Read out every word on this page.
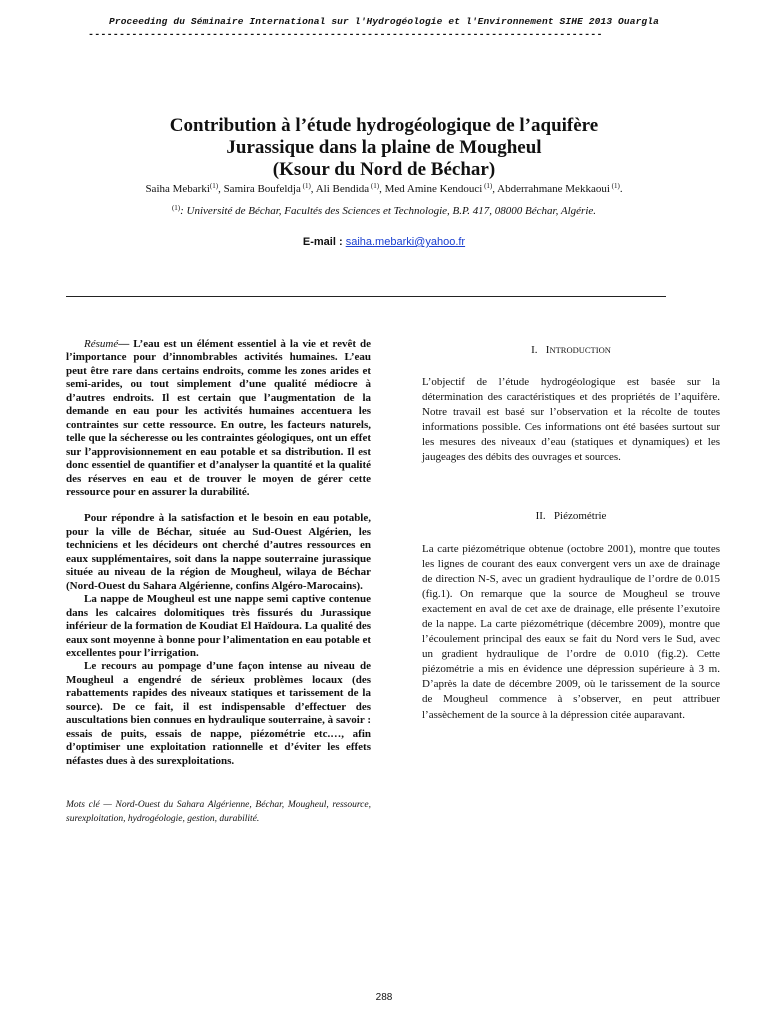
Proceeding du Séminaire International sur l'Hydrogéologie et l'Environnement SIHE 2013 Ouargla
-----------------------------------------------------------------------------------
Contribution à l’étude hydrogéologique de l’aquifère
Jurassique dans la plaine de Mougheul
(Ksour du Nord de Béchar)
Saiha Mebarki$^{(1)}$, Samira Boufeldja $^{(1)}$, Ali Bendida $^{(1)}$, Med Amine Kendouci $^{(1)}$, Abderrahmane Mekkaoui $^{(1)}$.
$^{(1)}$: Université de Béchar, Facultés des Sciences et Technologie, B.P. 417, 08000 Béchar, Algérie.
E-mail : saiha.mebarki@yahoo.fr

Résumé— L’eau est un élément essentiel à la vie et revêt de l’importance pour d’innombrables activités humaines. L’eau peut être rare dans certains endroits, comme les zones arides et semi-arides, ou tout simplement d’une qualité médiocre à d’autres endroits. Il est certain que l’augmentation de la demande en eau pour les activités humaines accentuera les contraintes sur cette ressource. En outre, les facteurs naturels, telle que la sécheresse ou les contraintes géologiques, ont un effet sur l’approvisionnement en eau potable et sa distribution. Il est donc essentiel de quantifier et d’analyser la quantité et la qualité des réserves en eau et de trouver le moyen de gérer cette ressource pour en assurer la durabilité.

Pour répondre à la satisfaction et le besoin en eau potable, pour la ville de Béchar, située au Sud-Ouest Algérien, les techniciens et les décideurs ont cherché d’autres ressources en eaux supplémentaires, soit dans la nappe souterraine jurassique située au niveau de la région de Mougheul, wilaya de Béchar (Nord-Ouest du Sahara Algérienne, confins Algéro-Marocains).

La nappe de Mougheul est une nappe semi captive contenue dans les calcaires dolomitiques très fissurés du Jurassique inférieur de la formation de Koudiat El Haïdoura. La qualité des eaux sont moyenne à bonne pour l’alimentation en eau potable et excellentes pour l’irrigation.

Le recours au pompage d’une façon intense au niveau de Mougheul a engendré de sérieux problèmes locaux (des rabattements rapides des niveaux statiques et tarissement de la source). De ce fait, il est indispensable d’effectuer des auscultations bien connues en hydraulique souterraine, à savoir : essais de puits, essais de nappe, piézométrie etc.…, afin d’optimiser une exploitation rationnelle et d’éviter les effets néfastes dues à des surexploitations.

Mots clé — Nord-Ouest du Sahara Algérienne, Béchar, Mougheul, ressource, surexploitation, hydrogéologie, gestion, durabilité.
I. INTRODUCTION
L’objectif de l’étude hydrogéologique est basée sur la détermination des caractéristiques et des propriétés de l’aquifère. Notre travail est basé sur l’observation et la récolte de toutes informations possible. Ces informations ont été basées surtout sur les mesures des niveaux d’eau (statiques et dynamiques) et les jaugeages des débits des ouvrages et sources.
II. Piézométrie
La carte piézométrique obtenue (octobre 2001), montre que toutes les lignes de courant des eaux convergent vers un axe de drainage de direction N-S, avec un gradient hydraulique de l’ordre de 0.015 (fig.1). On remarque que la source de Mougheul se trouve exactement en aval de cet axe de drainage, elle présente l’exutoire de la nappe. La carte piézométrique (décembre 2009), montre que l’écoulement principal des eaux se fait du Nord vers le Sud, avec un gradient hydraulique de l’ordre de 0.010 (fig.2). Cette piézométrie a mis en évidence une dépression supérieure à 3 m. D’après la date de décembre 2009, où le tarissement de la source de Mougheul commence à s’observer, en peut attribuer l’assèchement de la source à la dépression citée auparavant.
288
